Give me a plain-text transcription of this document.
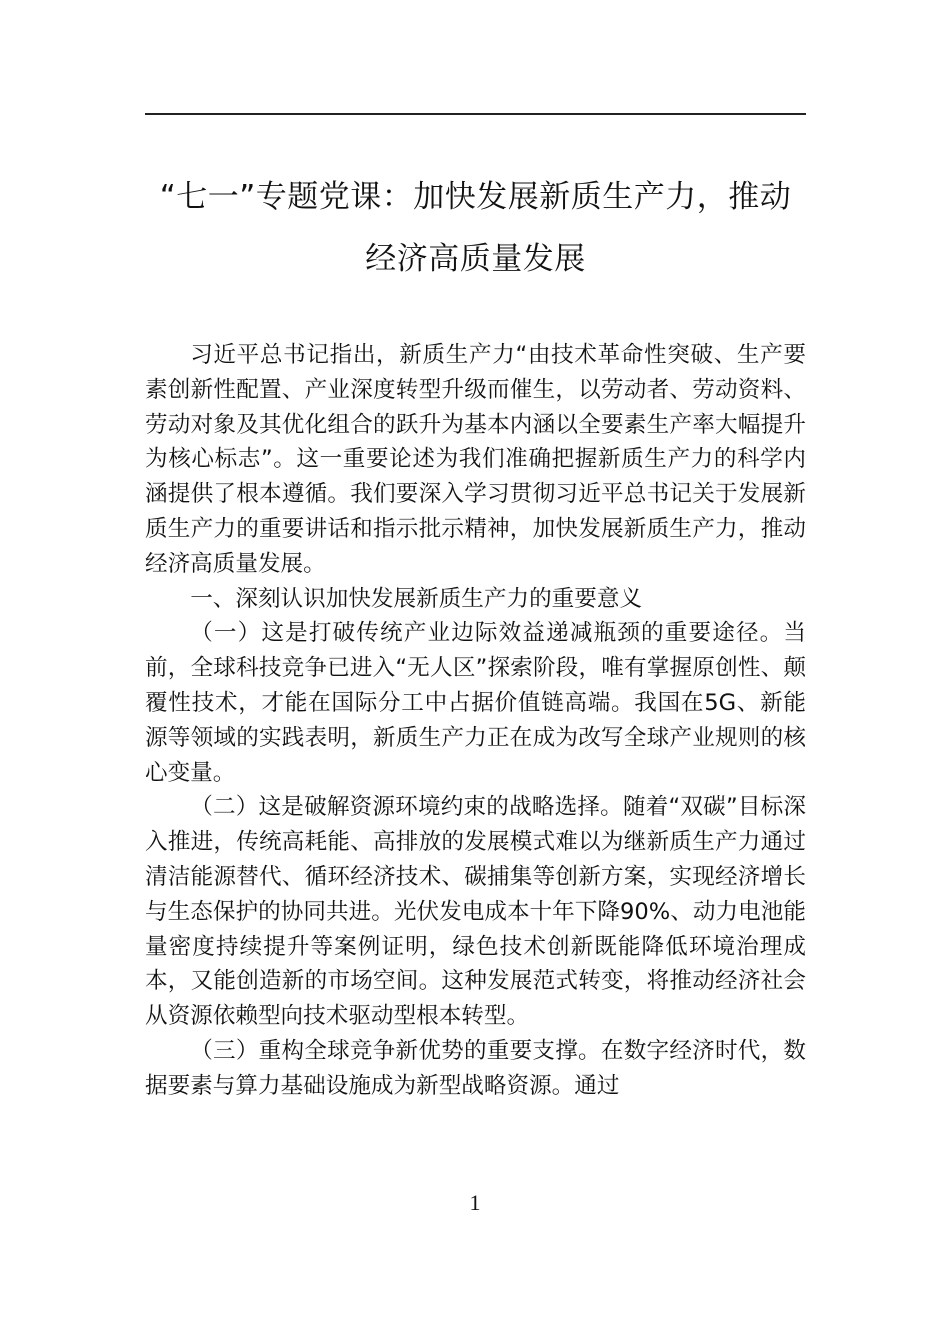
“七一”专题党课：加快发展新质生产力，推动经济高质量发展

习近平总书记指出，新质生产力“由技术革命性突破、生产要素创新性配置、产业深度转型升级而催生，以劳动者、劳动资料、劳动对象及其优化组合的跃升为基本内涵以全要素生产率大幅提升为核心标志”。这一重要论述为我们准确把握新质生产力的科学内涵提供了根本遵循。我们要深入学习贯彻习近平总书记关于发展新质生产力的重要讲话和指示批示精神，加快发展新质生产力，推动经济高质量发展。

一、深刻认识加快发展新质生产力的重要意义

（一）这是打破传统产业边际效益递减瓶颈的重要途径。当前，全球科技竞争已进入“无人区”探索阶段，唯有掌握原创性、颠覆性技术，才能在国际分工中占据价值链高端。我国在5G、新能源等领域的实践表明，新质生产力正在成为改写全球产业规则的核心变量。

（二）这是破解资源环境约束的战略选择。随着“双碳”目标深入推进，传统高耗能、高排放的发展模式难以为继新质生产力通过清洁能源替代、循环经济技术、碳捕集等创新方案，实现经济增长与生态保护的协同共进。光伏发电成本十年下降90%、动力电池能量密度持续提升等案例证明，绿色技术创新既能降低环境治理成本，又能创造新的市场空间。这种发展范式转变，将推动经济社会从资源依赖型向技术驱动型根本转型。

（三）重构全球竞争新优势的重要支撑。在数字经济时代，数据要素与算力基础设施成为新型战略资源。通过

1
